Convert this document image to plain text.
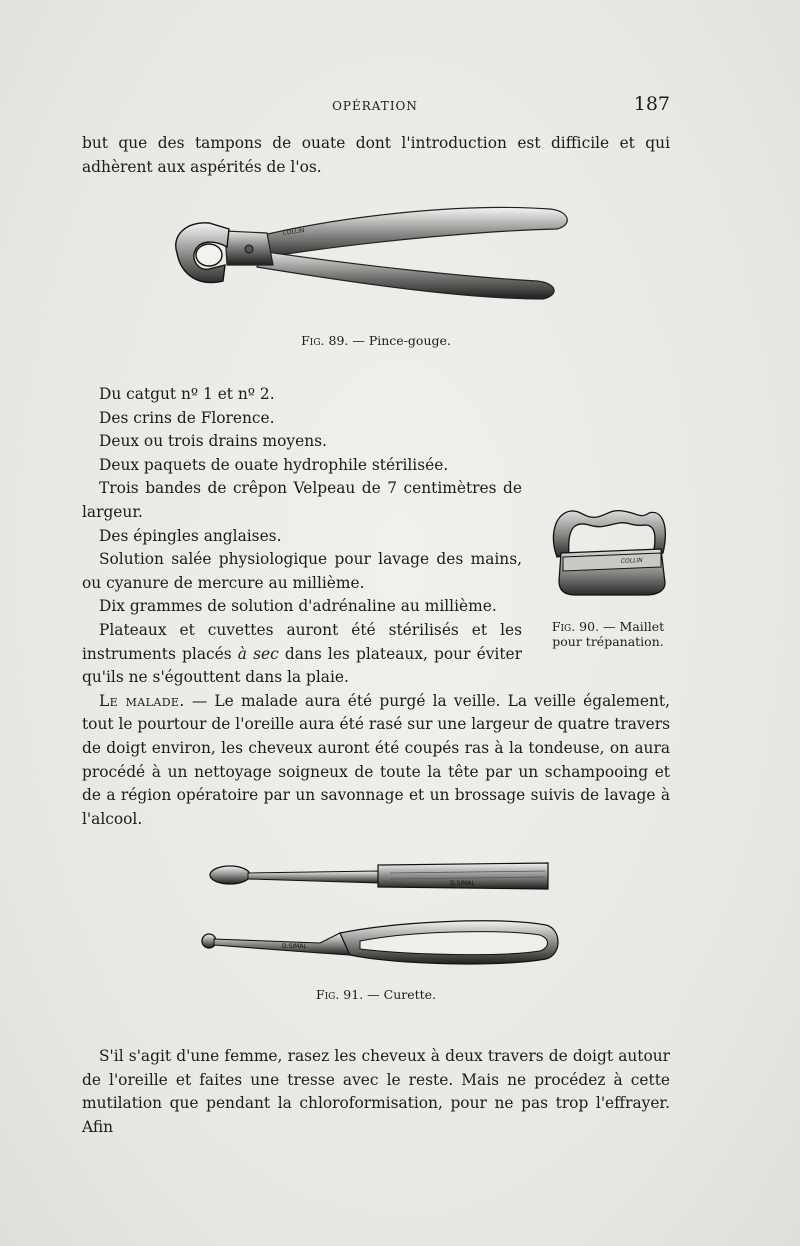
OPÉRATION	187

but que des tampons de ouate dont l'introduction est difficile et qui adhèrent aux aspérités de l'os.

COLLIN
Fig. 89. — Pince-gouge.

Du catgut nº 1 et nº 2.

Des crins de Florence.

Deux ou trois drains moyens.

Deux paquets de ouate hydrophile stérilisée.

Trois bandes de crêpon Velpeau de 7 centimètres de largeur.

Des épingles anglaises.

Solution salée physiologique pour lavage des mains, ou cyanure de mercure au millième.

Dix grammes de solution d'adrénaline au millième.

Plateaux et cuvettes auront été stérilisés et les instruments placés à sec dans les plateaux, pour éviter qu'ils ne s'égouttent dans la plaie.

Le malade. — Le malade aura été purgé la veille. La veille également, tout le pourtour de l'oreille aura été rasé sur une largeur de quatre travers de doigt environ, les cheveux auront été coupés ras à la tondeuse, on aura procédé à un nettoyage soigneux de toute la tête par un schampooing et de a région opératoire par un savonnage et un brossage suivis de lavage à l'alcool.

COLLIN
Fig. 90. — Maillet
pour trépanation.
D.SIMAL
D.SIMAL
Fig. 91. — Curette.

S'il s'agit d'une femme, rasez les cheveux à deux travers de doigt autour de l'oreille et faites une tresse avec le reste. Mais ne procédez à cette mutilation que pendant la chloroformisation, pour ne pas trop l'effrayer. Afin
